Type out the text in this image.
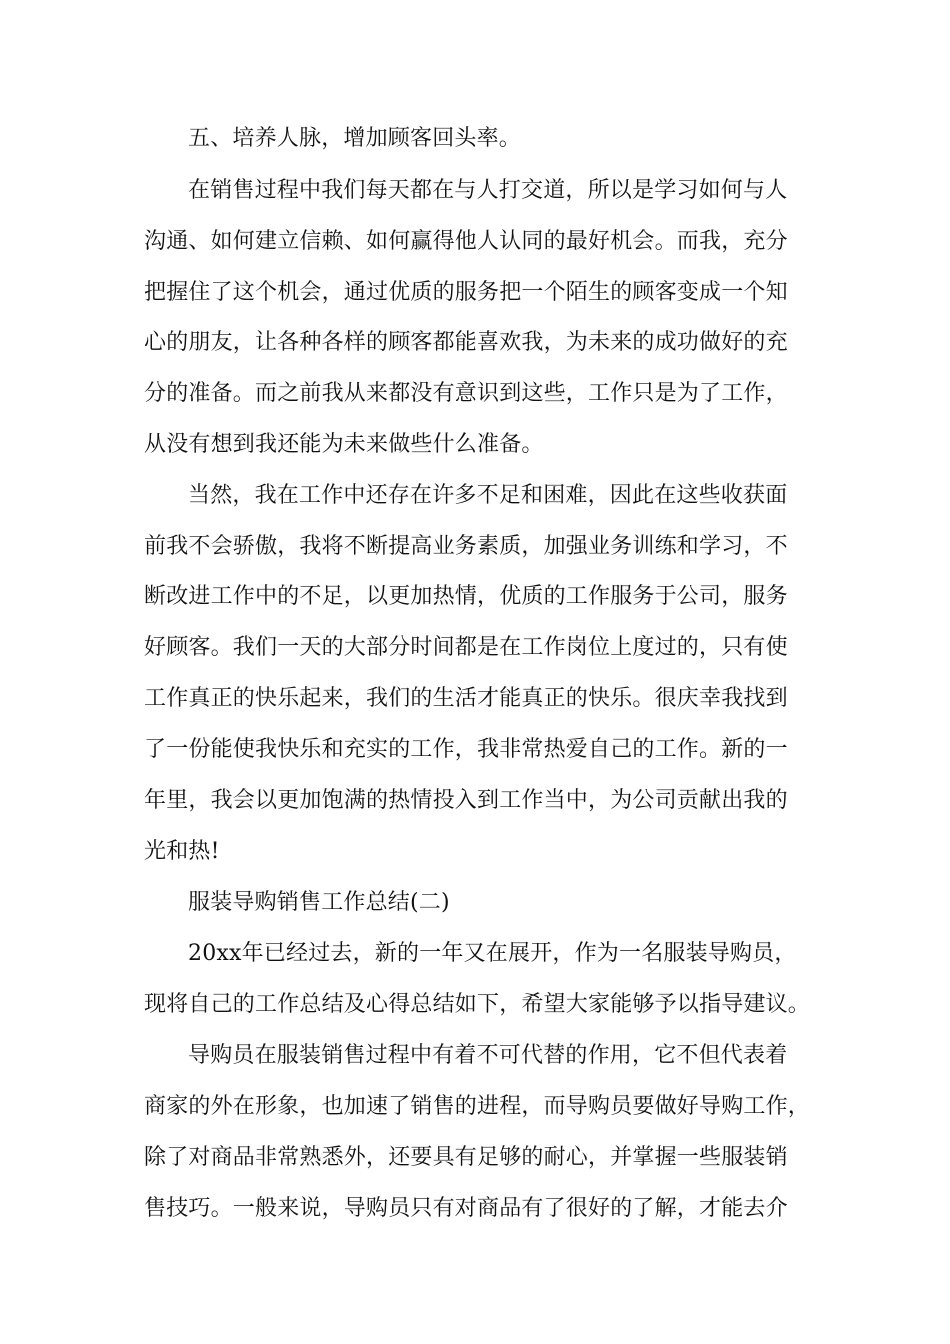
五、培养人脉，增加顾客回头率。
在销售过程中我们每天都在与人打交道，所以是学习如何与人
沟通、如何建立信赖、如何赢得他人认同的最好机会。而我，充分
把握住了这个机会，通过优质的服务把一个陌生的顾客变成一个知
心的朋友，让各种各样的顾客都能喜欢我，为未来的成功做好的充
分的准备。而之前我从来都没有意识到这些，工作只是为了工作，
从没有想到我还能为未来做些什么准备。
当然，我在工作中还存在许多不足和困难，因此在这些收获面
前我不会骄傲，我将不断提高业务素质，加强业务训练和学习，不
断改进工作中的不足，以更加热情，优质的工作服务于公司，服务
好顾客。我们一天的大部分时间都是在工作岗位上度过的，只有使
工作真正的快乐起来，我们的生活才能真正的快乐。很庆幸我找到
了一份能使我快乐和充实的工作，我非常热爱自己的工作。新的一
年里，我会以更加饱满的热情投入到工作当中，为公司贡献出我的
光和热!
服装导购销售工作总结(二)
20xx年已经过去，新的一年又在展开，作为一名服装导购员，
现将自己的工作总结及心得总结如下，希望大家能够予以指导建议。
导购员在服装销售过程中有着不可代替的作用，它不但代表着
商家的外在形象，也加速了销售的进程，而导购员要做好导购工作，
除了对商品非常熟悉外，还要具有足够的耐心，并掌握一些服装销
售技巧。一般来说，导购员只有对商品有了很好的了解，才能去介
